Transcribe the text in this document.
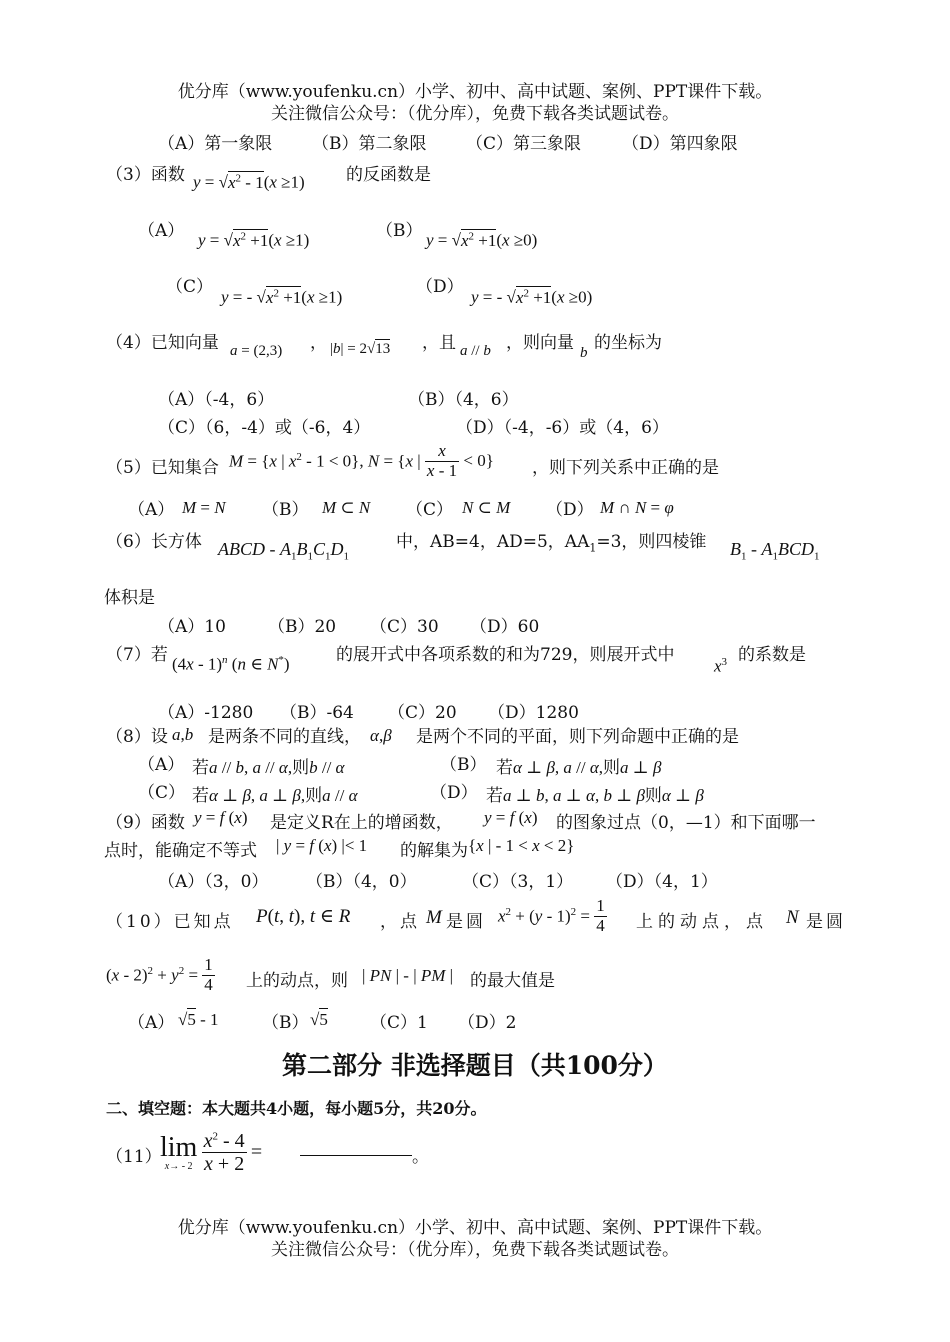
优分库（www.youfenku.cn）小学、初中、高中试题、案例、PPT课件下载。
关注微信公众号：（优分库），免费下载各类试题试卷。
（A）第一象限 （B）第二象限 （C）第三象限 （D）第四象限
（3）函数 $y = √x^2 - 1(x \ge 1)$ 的反函数是
（A） $y = √x^2 +1(x \ge 1)$	（B） $y = √x^2 +1(x \ge 0)$
（C）
y = - $√x^2 +1(x \ge 1)$
（D）
y = - $√x^2 +1(x \ge 0)$
（4）已知向量 a = (2,3) ， |b| = 2√13 ，且 a // b ，则向量 b 的坐标为
（A）（-4，6）	（B）（4，6）
（C）（6，-4）或（-6，4）	（D）（-4，-6）或（4，6）
（5）已知集合 M = {x | $x^2 - 1 < 0$}, N = {x | $\frac{x}{x - 1} < 0$} ，则下列关系中正确的是
（A） M = N （B） M ⊂ N （C） N ⊂ M （D） M ∩ N = φ
（6）长方体 ABCD - $A_1B_1C_1D_1$
中，AB=4，AD=5，$AA_1=3$，则四棱锥 $B_1 - A_1BCD_1$
体积是
（A）10 （B）20 （C）30 （D）60
（7）若 (4x - 1)$^n$ (n ∈ N*)	的展开式中各项系数的和为729，则展开式中
$x^3$ 的系数是
（A）-1280 （B）-64 （C）20 （D）1280
（8）设 a,b 是两条不同的直线， α,β 是两个不同的平面，则下列命题中正确的是
（A） 若a // b, a // α,则b // α	（B） 若α ⊥ β, a // α,则a ⊥ β
（C） 若α ⊥ β, a ⊥ β,则a // α	（D） 若a ⊥ b, a ⊥ α, b ⊥ β则α ⊥ β
（9）函数 y = f (x) 是定义R在上的增函数， y = f (x) 的图象过点（0，—1）和下面哪一
点时，能确定不等式 | y = f (x) |< 1 的解集为 {x | - 1 < x < 2}
（A）（3，0） （B）（4，0）	（C）（3，1） （D）（4，1）
（10）已知点 P(t, t), t ∈ R ，点 M 是圆 $x^2 + (y - 1)^2 = \frac{1}{4}$ 上的动点，点 N 是圆
$(x - 2)^2 + y^2 = \frac{1}{4}$ 上的动点，则 | PN | - | PM | 的最大值是
（A） √5 - 1	（B） √5 （C）1 （D）2
第二部分 非选择题目（共100分）
二、填空题：本大题共4小题，每小题5分，共20分。
（11）
lim
x→ - 2
$\frac{x^2 - 4}{x + 2}$ =	。
优分库（www.youfenku.cn）小学、初中、高中试题、案例、PPT课件下载。
关注微信公众号：（优分库），免费下载各类试题试卷。
